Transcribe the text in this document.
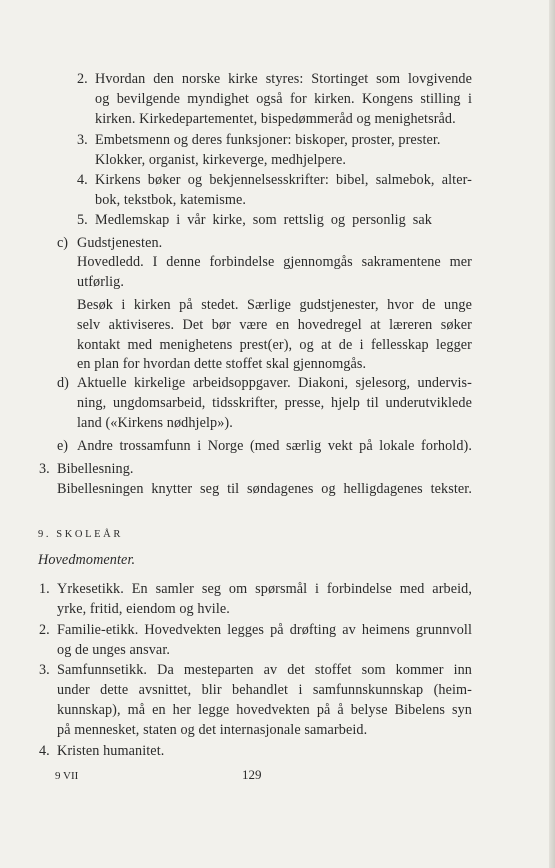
2. Hvordan den norske kirke styres: Stortinget som lovgivende
og bevilgende myndighet også for kirken. Kongens stilling i
kirken. Kirkedepartementet, bispedømmeråd og menighetsråd.
3. Embetsmenn og deres funksjoner: biskoper, proster, prester.
Klokker, organist, kirkeverge, medhjelpere.
4. Kirkens bøker og bekjennelsesskrifter: bibel, salmebok, alter-
bok, tekstbok, katemisme.
5. Medlemskap i vår kirke, som rettslig og personlig sak
c) Gudstjenesten.
Hovedledd. I denne forbindelse gjennomgås sakramentene mer
utførlig.
Besøk i kirken på stedet. Særlige gudstjenester, hvor de unge
selv aktiviseres. Det bør være en hovedregel at læreren søker
kontakt med menighetens prest(er), og at de i fellesskap legger
en plan for hvordan dette stoffet skal gjennomgås.
d) Aktuelle kirkelige arbeidsoppgaver. Diakoni, sjelesorg, undervis-
ning, ungdomsarbeid, tidsskrifter, presse, hjelp til underutviklede
land («Kirkens nødhjelp»).
e) Andre trossamfunn i Norge (med særlig vekt på lokale forhold).
3. Bibellesning.
Bibellesningen knytter seg til søndagenes og helligdagenes tekster.
9. SKOLEÅR
Hovedmomenter.
1. Yrkesetikk. En samler seg om spørsmål i forbindelse med arbeid,
yrke, fritid, eiendom og hvile.
2. Familie-etikk. Hovedvekten legges på drøfting av heimens grunnvoll
og de unges ansvar.
3. Samfunnsetikk. Da mesteparten av det stoffet som kommer inn
under dette avsnittet, blir behandlet i samfunnskunnskap (heim-
kunnskap), må en her legge hovedvekten på å belyse Bibelens syn
på mennesket, staten og det internasjonale samarbeid.
4. Kristen humanitet.
9 VII	129
